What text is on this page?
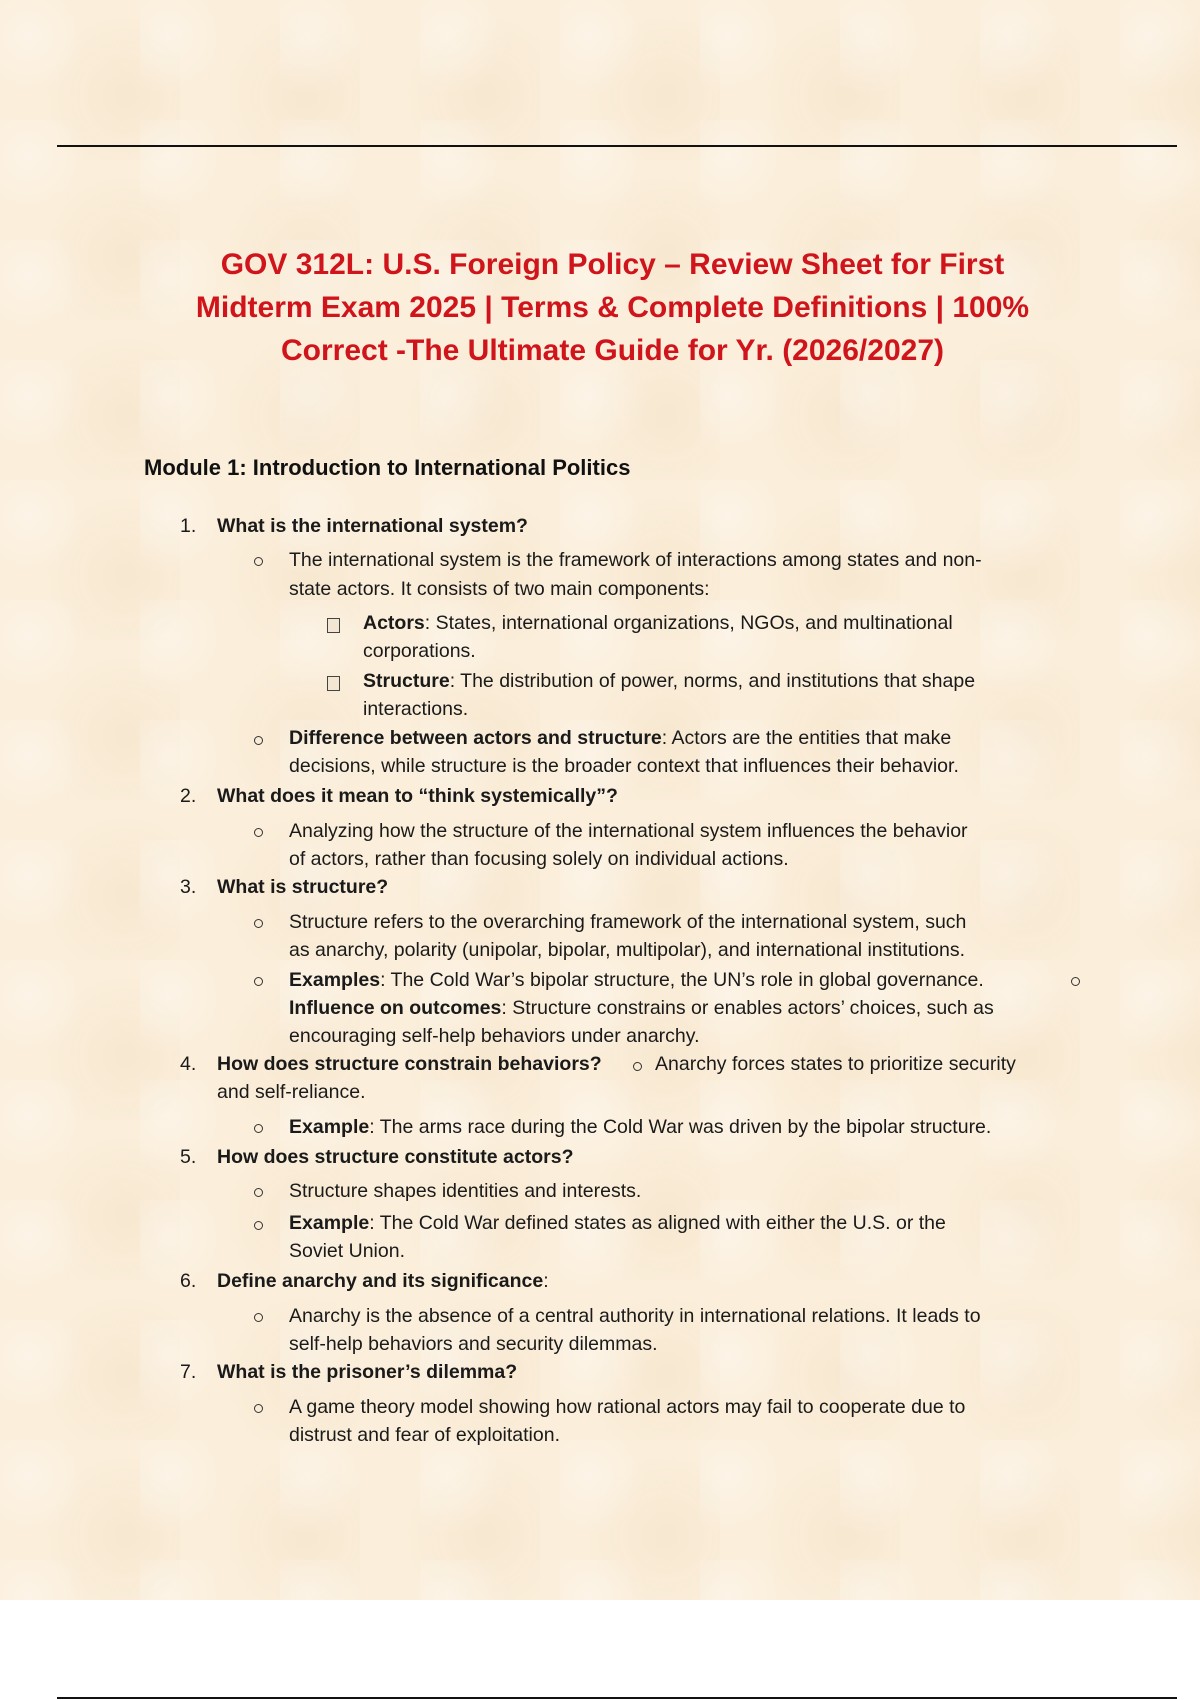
GOV 312L: U.S. Foreign Policy – Review Sheet for First
Midterm Exam 2025 | Terms & Complete Definitions | 100%
Correct -The Ultimate Guide for Yr. (2026/2027)
Module 1: Introduction to International Politics
1. What is the international system?
The international system is the framework of interactions among states and non-
state actors. It consists of two main components:
Actors: States, international organizations, NGOs, and multinational
corporations.
Structure: The distribution of power, norms, and institutions that shape
interactions.
Difference between actors and structure: Actors are the entities that make
decisions, while structure is the broader context that influences their behavior.
2. What does it mean to “think systemically”?
Analyzing how the structure of the international system influences the behavior
of actors, rather than focusing solely on individual actions.
3. What is structure?
Structure refers to the overarching framework of the international system, such
as anarchy, polarity (unipolar, bipolar, multipolar), and international institutions.
Examples: The Cold War’s bipolar structure, the UN’s role in global governance.
Influence on outcomes: Structure constrains or enables actors’ choices, such as
encouraging self-help behaviors under anarchy.
4. How does structure constrain behaviors?	Anarchy forces states to prioritize security
and self-reliance.
Example: The arms race during the Cold War was driven by the bipolar structure.
5. How does structure constitute actors?
Structure shapes identities and interests.
Example: The Cold War defined states as aligned with either the U.S. or the
Soviet Union.
6. Define anarchy and its significance:
Anarchy is the absence of a central authority in international relations. It leads to
self-help behaviors and security dilemmas.
7. What is the prisoner’s dilemma?
A game theory model showing how rational actors may fail to cooperate due to
distrust and fear of exploitation.
